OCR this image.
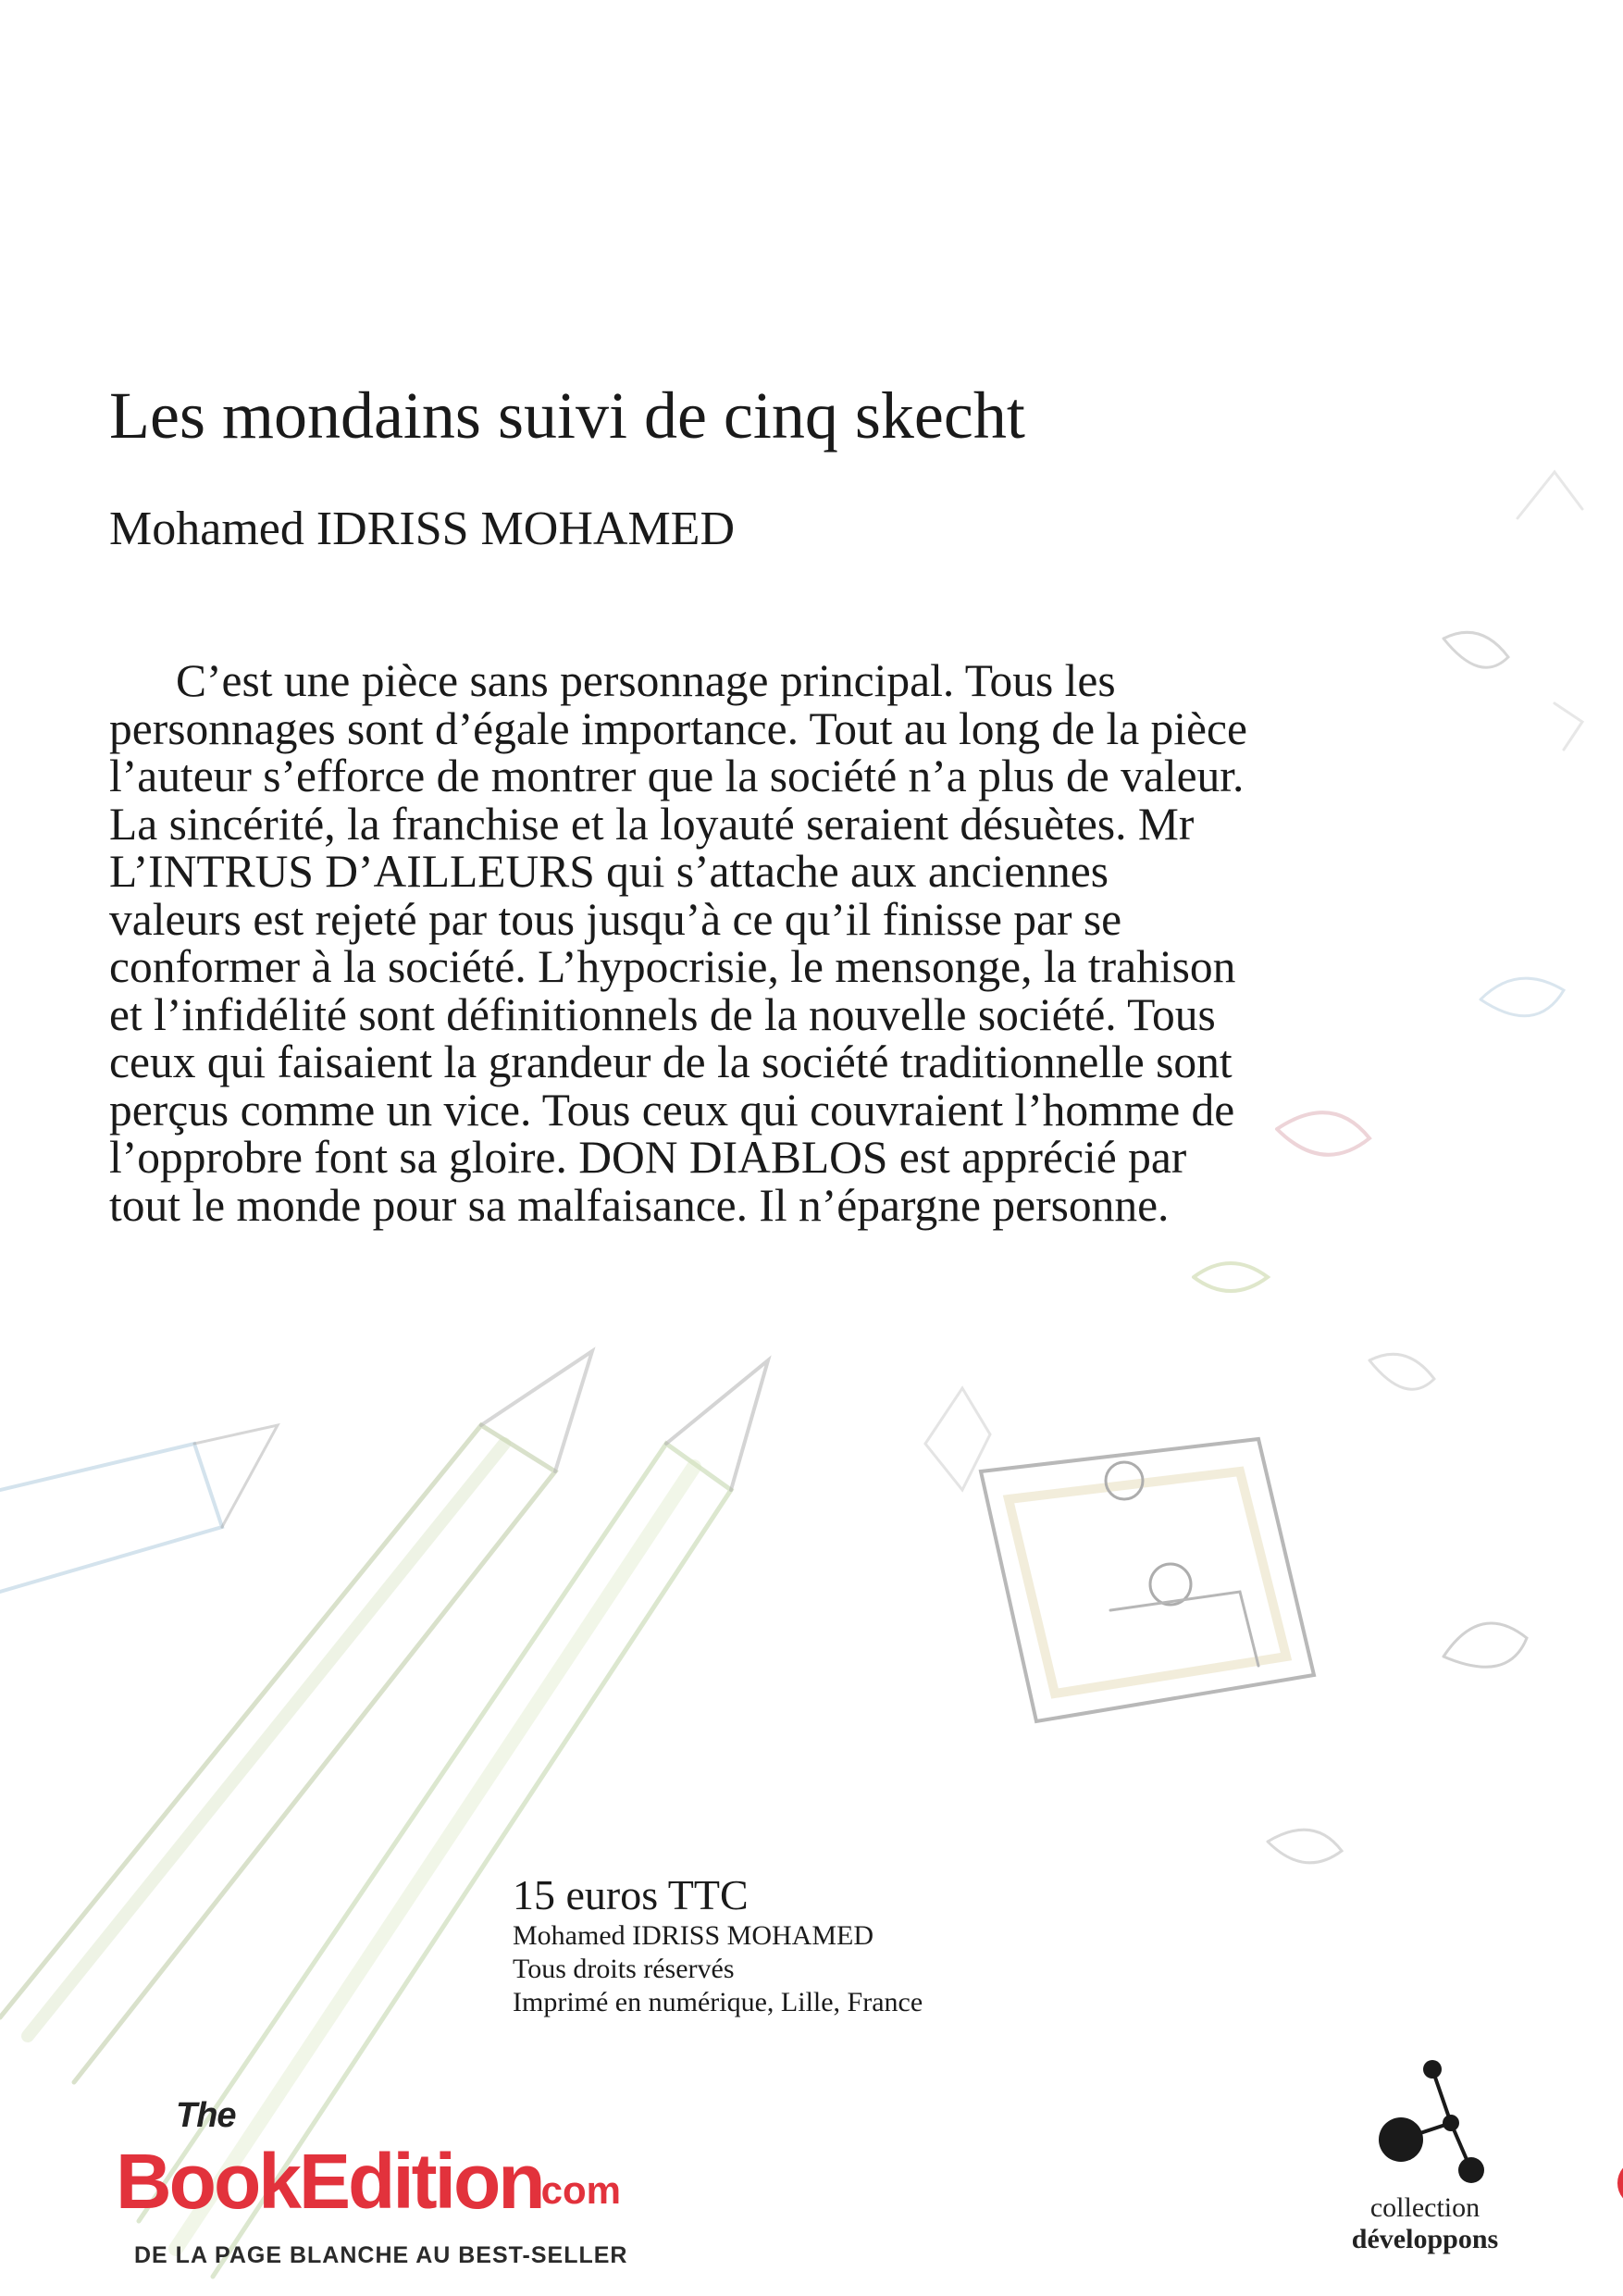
Les mondains suivi de cinq skecht
Mohamed IDRISS MOHAMED

C’est une pièce sans personnage principal. Tous les personnages sont d’égale importance. Tout au long de la pièce l’auteur s’efforce de montrer que la société n’a plus de valeur. La sincérité, la franchise et la loyauté seraient désuètes. Mr L’INTRUS D’AILLEURS qui s’attache aux anciennes valeurs est rejeté par tous jusqu’à ce qu’il finisse par se conformer à la société. L’hypocrisie, le mensonge, la trahison et l’infidélité sont définitionnels de la nouvelle société. Tous ceux qui faisaient la grandeur de la société traditionnelle sont perçus comme un vice. Tous ceux qui couvraient l’homme de l’opprobre font sa gloire. DON DIABLOS est apprécié par tout le monde pour sa malfaisance. Il n’épargne personne.

15 euros TTC
Mohamed IDRISS MOHAMED
Tous droits réservés
Imprimé en numérique, Lille, France
The
BookEdition
.com
DE LA PAGE BLANCHE AU BEST-SELLER
collection
développons
